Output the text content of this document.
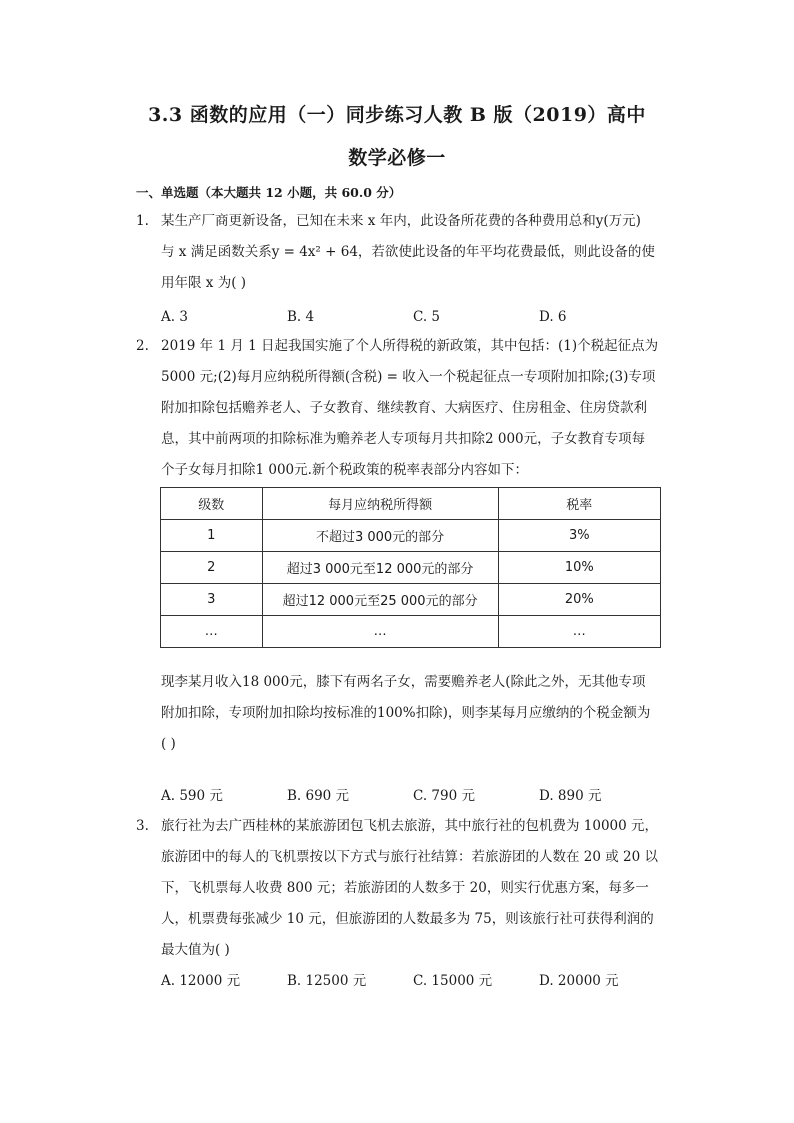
3.3 函数的应用（一）同步练习人教 B 版（2019）高中
数学必修一
一、单选题（本大题共 12 小题，共 60.0 分）
1. 某生产厂商更新设备，已知在未来 x 年内，此设备所花费的各种费用总和y(万元)

与 x 满足函数关系y = 4x² + 64，若欲使此设备的年平均花费最低，则此设备的使

用年限 x 为( )

A. 3	B. 4	C. 5	D. 6
2. 2019 年 1 月 1 日起我国实施了个人所得税的新政策，其中包括：(1)个税起征点为

5000 元;(2)每月应纳税所得额(含税) = 收入一个税起征点一专项附加扣除;(3)专项

附加扣除包括赡养老人、子女教育、继续教育、大病医疗、住房租金、住房贷款利

息，其中前两项的扣除标准为赡养老人专项每月共扣除2 000元，子女教育专项每

个子女每月扣除1 000元.新个税政策的税率表部分内容如下：

级数	每月应纳税所得额	税率
1	不超过3 000元的部分	3%
2	超过3 000元至12 000元的部分	10%
3	超过12 000元至25 000元的部分	20%
…	…	…

现李某月收入18 000元，膝下有两名子女，需要赡养老人(除此之外，无其他专项

附加扣除，专项附加扣除均按标准的100%扣除)，则李某每月应缴纳的个税金额为

( )

A. 590 元	B. 690 元	C. 790 元	D. 890 元
3. 旅行社为去广西桂林的某旅游团包飞机去旅游，其中旅行社的包机费为 10000 元，

旅游团中的每人的飞机票按以下方式与旅行社结算：若旅游团的人数在 20 或 20 以

下，飞机票每人收费 800 元；若旅游团的人数多于 20，则实行优惠方案，每多一

人，机票费每张减少 10 元，但旅游团的人数最多为 75，则该旅行社可获得利润的

最大值为( )

A. 12000 元	B. 12500 元	C. 15000 元	D. 20000 元
